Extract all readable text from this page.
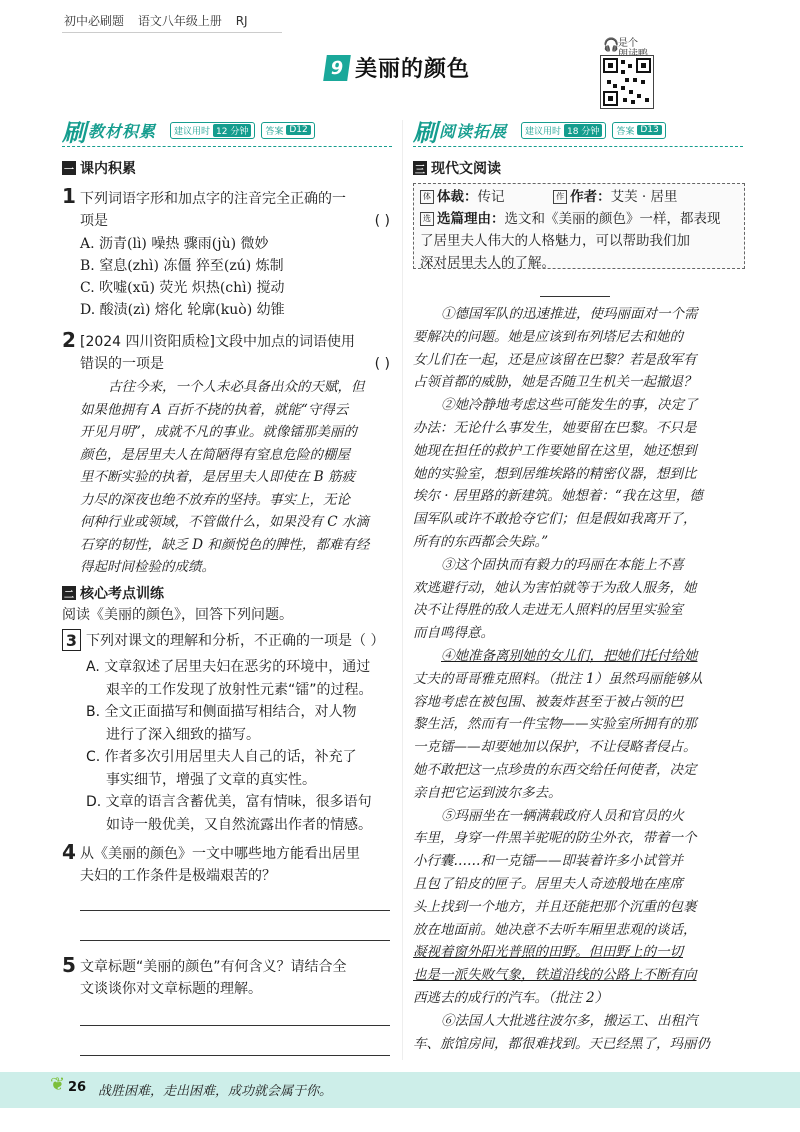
初中必刷题 语文八年级上册 RJ
9 美丽的颜色
🎧
是个
刷 教材积累 建议用时 12 分钟	答案 D12	刷 阅读拓展 建议用时 18 分钟	答案 D13
一 课内积累
1 下列词语字形和加点字的注音完全正确的一
项是	( )
A. 沥青(lì) 噪热 骤雨(jù) 微妙
B. 窒息(zhì) 冻僵 猝至(zú) 炼制
C. 吹嘘(xū) 荧光 炽热(chì) 搅动
D. 酸渍(zì) 熔化 轮廓(kuò) 幼锥
2 [2024 四川资阳质检]文段中加点的词语使用
错误的一项是	( )
古往今来，一个人未必具备出众的天赋，但
如果他拥有 A 百折不挠的执着，就能“守得云
开见月明”，成就不凡的事业。就像镭那美丽的
颜色，是居里夫人在简陋得有窒息危险的棚屋
里不断实验的执着，是居里夫人即使在 B 筋疲
力尽的深夜也绝不放弃的坚持。事实上，无论
何种行业或领域，不管做什么，如果没有 C 水滴
石穿的韧性，缺乏 D 和颜悦色的脾性，都难有经
得起时间检验的成绩。
二 核心考点训练
阅读《美丽的颜色》，回答下列问题。
3 下列对课文的理解和分析，不正确的一项是（ ）
A. 文章叙述了居里夫妇在恶劣的环境中，通过
艰辛的工作发现了放射性元素“镭”的过程。
B. 全文正面描写和侧面描写相结合，对人物
进行了深入细致的描写。
C. 作者多次引用居里夫人自己的话，补充了
事实细节，增强了文章的真实性。
D. 文章的语言含蓄优美，富有情味，很多语句
如诗一般优美，又自然流露出作者的情感。
4 从《美丽的颜色》一文中哪些地方能看出居里
夫妇的工作条件是极端艰苦的？
5 文章标题“美丽的颜色”有何含义？请结合全
文谈谈你对文章标题的理解。
三 现代文阅读
体 体裁：传记	作 作者：艾芙 · 居里
选 选篇理由：选文和《美丽的颜色》一样，都表现
了居里夫人伟大的人格魅力，可以帮助我们加
深对居里夫人的了解。
①德国军队的迅速推进，使玛丽面对一个需
要解决的问题。她是应该到布列塔尼去和她的
女儿们在一起，还是应该留在巴黎？若是敌军有
占领首都的威胁，她是否随卫生机关一起撤退？
②她冷静地考虑这些可能发生的事，决定了
办法：无论什么事发生，她要留在巴黎。不只是
她现在担任的救护工作要她留在这里，她还想到
她的实验室，想到居维埃路的精密仪器，想到比
埃尔 · 居里路的新建筑。她想着：“我在这里，德
国军队或许不敢抢夺它们；但是假如我离开了，
所有的东西都会失踪。”
③这个固执而有毅力的玛丽在本能上不喜
欢逃避行动，她认为害怕就等于为敌人服务，她
决不让得胜的敌人走进无人照料的居里实验室
而自鸣得意。
④她准备离别她的女儿们，把她们托付给她
丈夫的哥哥雅克照料。（批注 1）虽然玛丽能够从
容地考虑在被包围、被轰炸甚至于被占领的巴
黎生活，然而有一件宝物——实验室所拥有的那
一克镭——却要她加以保护，不让侵略者侵占。
她不敢把这一点珍贵的东西交给任何使者，决定
亲自把它运到波尔多去。
⑤玛丽坐在一辆满载政府人员和官员的火
车里，身穿一件黑羊驼呢的防尘外衣，带着一个
小行囊……和一克镭——即装着许多小试管并
且包了铅皮的匣子。居里夫人奇迹般地在座席
头上找到一个地方，并且还能把那个沉重的包裹
放在地面前。她决意不去听车厢里悲观的谈话，
凝视着窗外阳光普照的田野。但田野上的一切
也是一派失败气象，铁道沿线的公路上不断有向
西逃去的成行的汽车。（批注 2）
⑥法国人大批逃往波尔多，搬运工、出租汽
车、旅馆房间，都很难找到。天已经黑了，玛丽仍
❦ 26 战胜困难，走出困难，成功就会属于你。
